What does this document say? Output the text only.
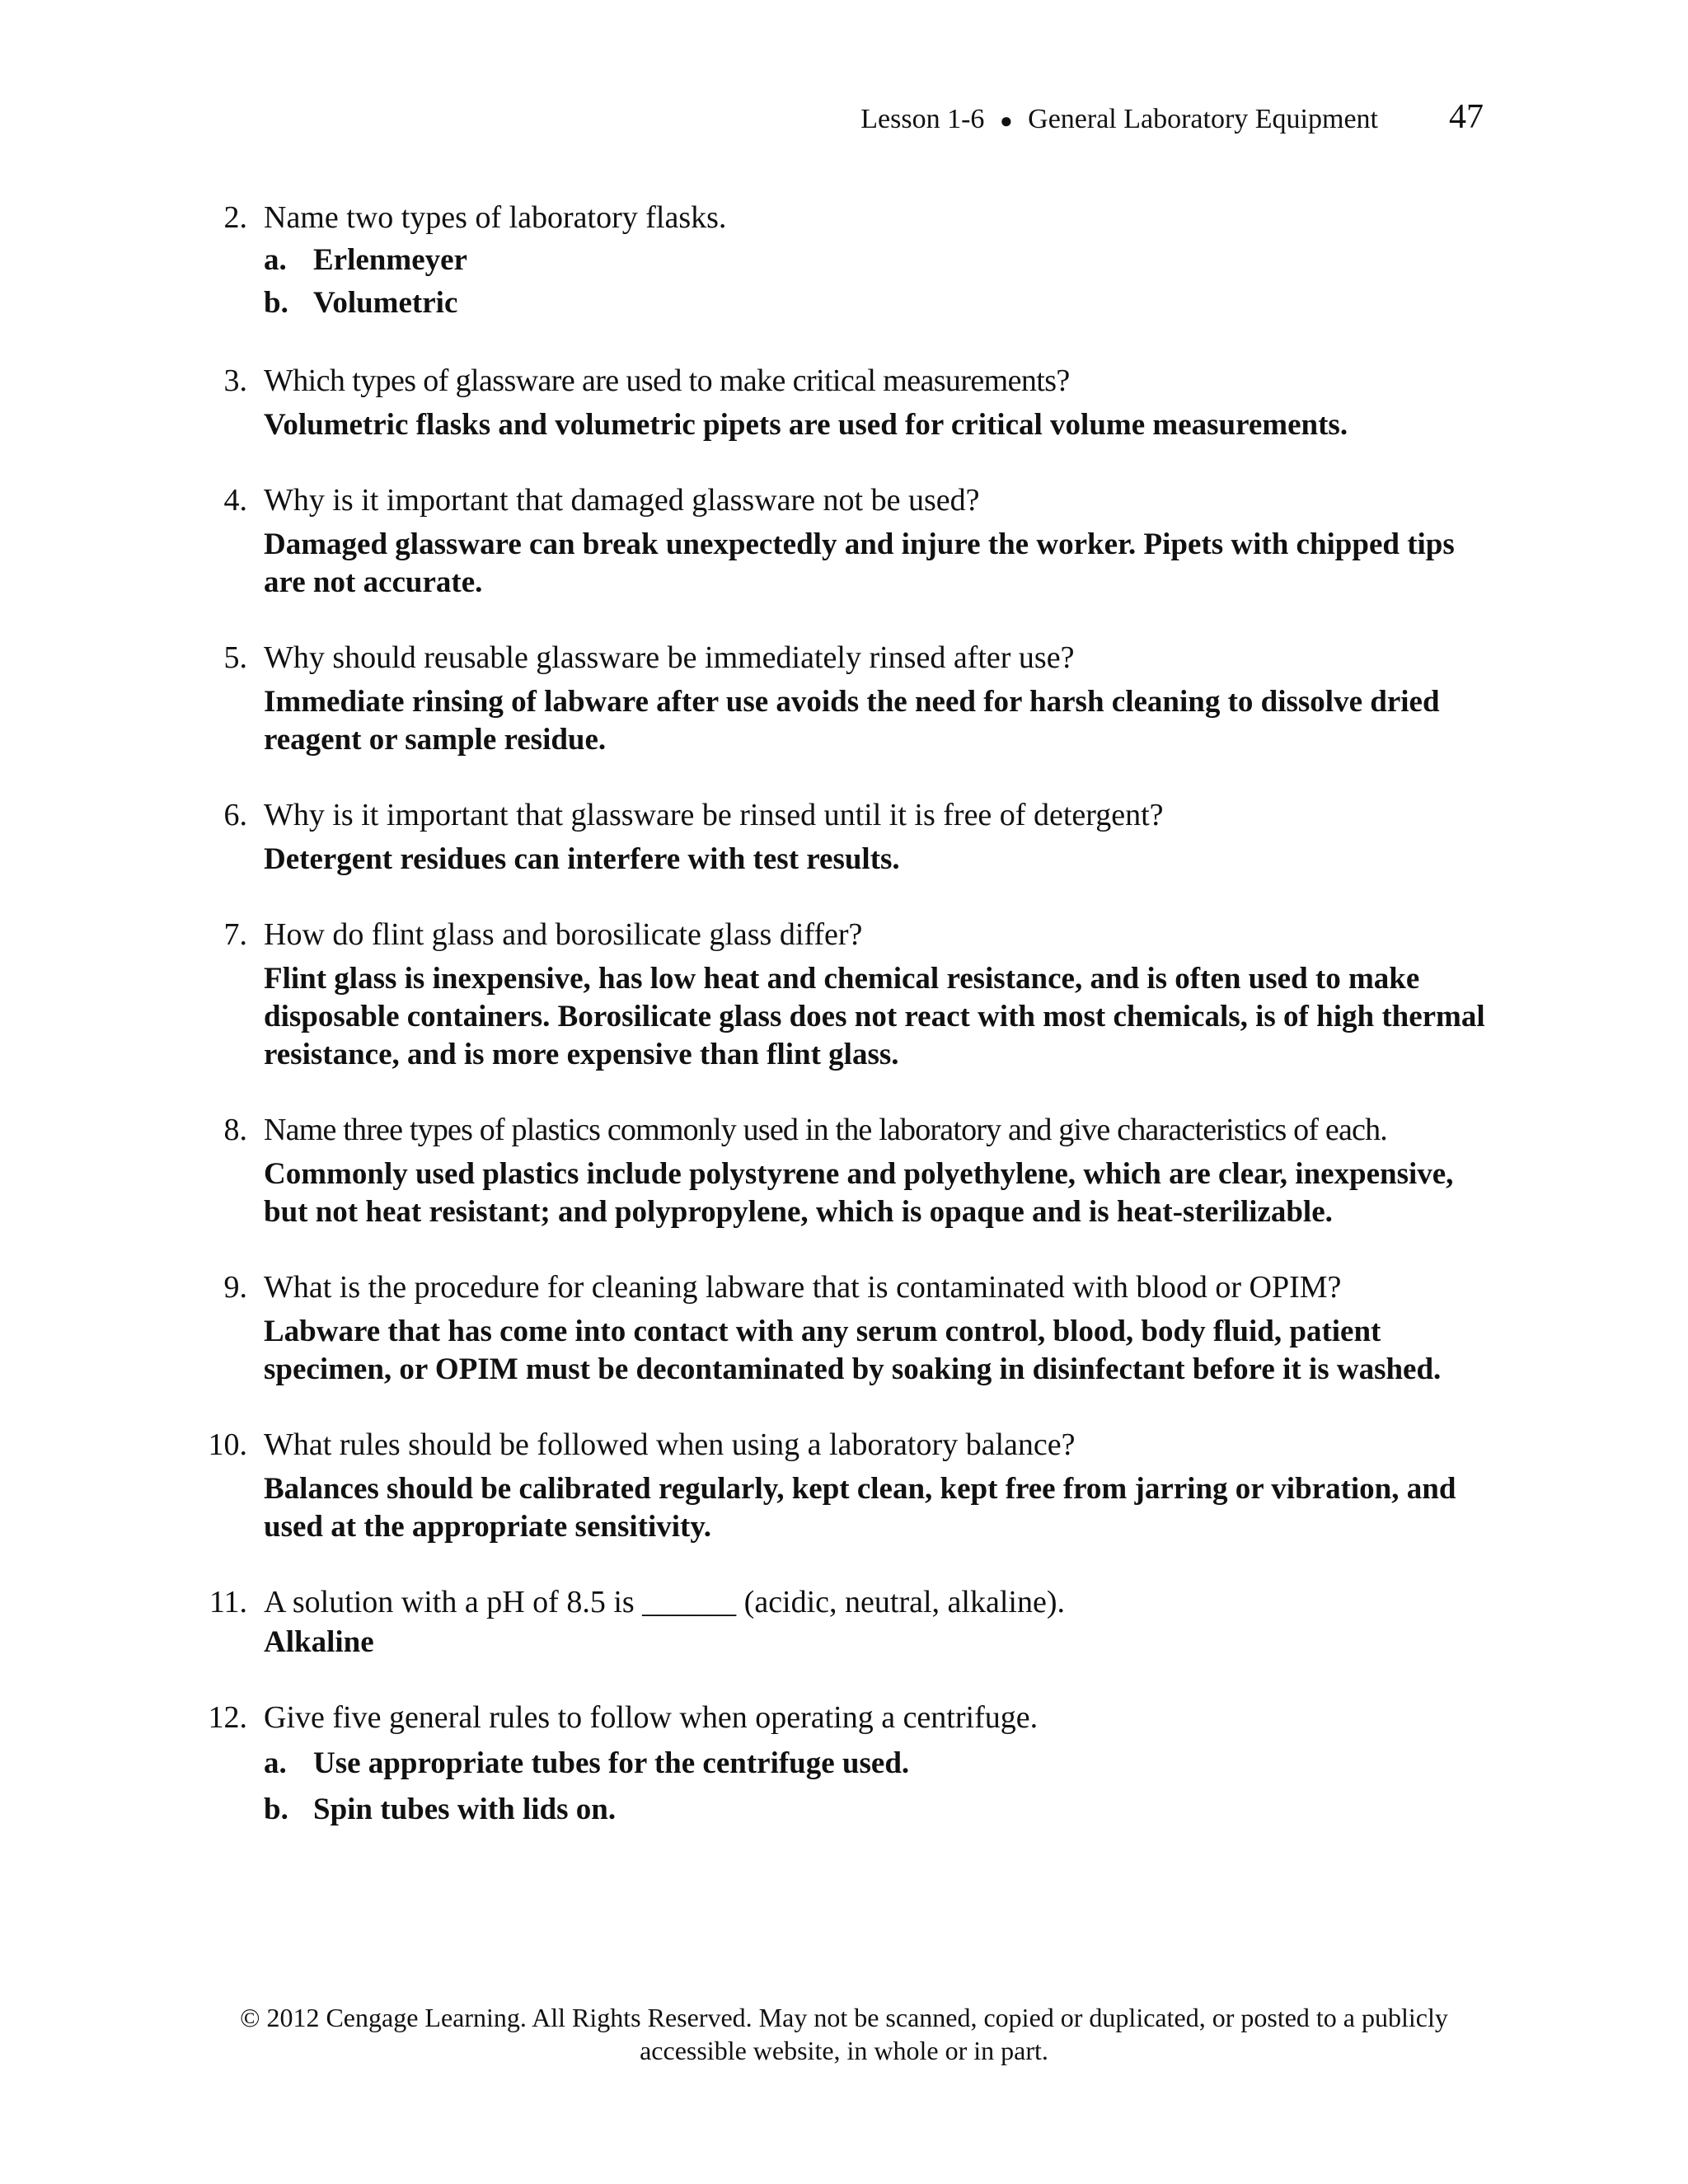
Lesson 1-6 ● General Laboratory Equipment 47
2. Name two types of laboratory flasks.
a. Erlenmeyer
b. Volumetric
3. Which types of glassware are used to make critical measurements?
Volumetric flasks and volumetric pipets are used for critical volume measurements.
4. Why is it important that damaged glassware not be used?
Damaged glassware can break unexpectedly and injure the worker. Pipets with chipped tips are not accurate.
5. Why should reusable glassware be immediately rinsed after use?
Immediate rinsing of labware after use avoids the need for harsh cleaning to dissolve dried reagent or sample residue.
6. Why is it important that glassware be rinsed until it is free of detergent?
Detergent residues can interfere with test results.
7. How do flint glass and borosilicate glass differ?
Flint glass is inexpensive, has low heat and chemical resistance, and is often used to make disposable containers. Borosilicate glass does not react with most chemicals, is of high thermal resistance, and is more expensive than flint glass.
8. Name three types of plastics commonly used in the laboratory and give characteristics of each.
Commonly used plastics include polystyrene and polyethylene, which are clear, inexpensive, but not heat resistant; and polypropylene, which is opaque and is heat-sterilizable.
9. What is the procedure for cleaning labware that is contaminated with blood or OPIM?
Labware that has come into contact with any serum control, blood, body fluid, patient specimen, or OPIM must be decontaminated by soaking in disinfectant before it is washed.
10. What rules should be followed when using a laboratory balance?
Balances should be calibrated regularly, kept clean, kept free from jarring or vibration, and used at the appropriate sensitivity.
11. A solution with a pH of 8.5 is ______ (acidic, neutral, alkaline).
Alkaline
12. Give five general rules to follow when operating a centrifuge.
a. Use appropriate tubes for the centrifuge used.
b. Spin tubes with lids on.
© 2012 Cengage Learning. All Rights Reserved. May not be scanned, copied or duplicated, or posted to a publicly
accessible website, in whole or in part.
